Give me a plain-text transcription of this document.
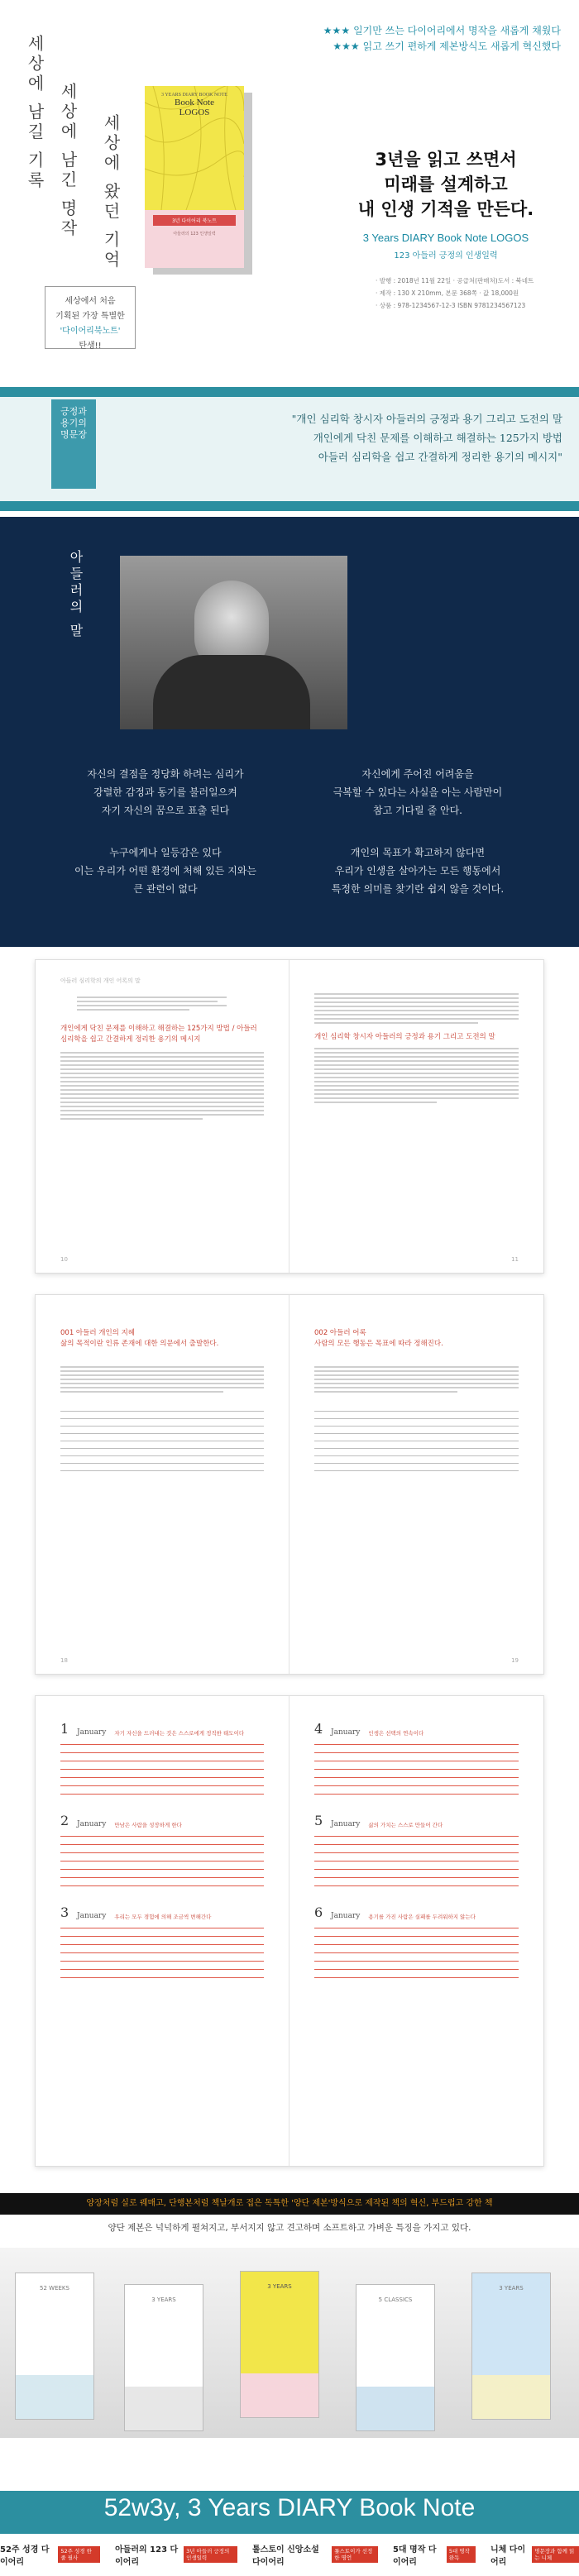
세상에 남길 기록
세상에 왔던 기억
세상에 남긴 명작
★★★ 일기만 쓰는 다이어리에서 명작을 새롭게 채웠다
★★★ 읽고 쓰기 편하게 제본방식도 새롭게 혁신했다
3 YEARS DIARY BOOK NOTE
Book Note
LOGOS
3년 다이어리 북노트
아들러의 123 인생일력
3년을 읽고 쓰면서
미래를 설계하고
내 인생 기적을 만든다.
3 Years DIARY Book Note LOGOS
123 아들러 긍정의 인생일력
· 발행 : 2018년 11월 22일 · 공급처(판매처)도서 : 북네트
· 제작 : 130 X 210mm, 본문 368쪽 · 값 18,000원
· 상품 : 978-1234567-12-3 ISBN 9781234567123
세상에서 처음
기획된 가장 특별한
'다이어리북노트'
탄생!!
긍정과
용기의
명문장
"개인 심리학 창시자 아들러의 긍정과 용기 그리고 도전의 말
개인에게 닥친 문제를 이해하고 해결하는 125가지 방법
아들러 심리학을 쉽고 간결하게 정리한 용기의 메시지"
아들러의 말
자신의 결점을 정당화 하려는 심리가
강렬한 감정과 동기를 불러일으켜
자기 자신의 꿈으로 표출 된다
자신에게 주어진 어려움을
극복할 수 있다는 사실을 아는 사람만이
참고 기다릴 줄 안다.
누구에게나 일등감은 있다
이는 우리가 어떤 환경에 처해 있든 지와는
큰 관련이 없다
개인의 목표가 확고하지 않다면
우리가 인생을 살아가는 모든 행동에서
특정한 의미를 찾기란 쉽지 않을 것이다.
아들러 심리학의 개인 어록의 말
개인에게 닥친 문제를 이해하고 해결하는 125가지 방법 / 아들러 심리학을 쉽고 간결하게 정리한 용기의 메시지
10
개인 심리학 창시자 아들러의 긍정과 용기 그리고 도전의 말
11
001 아들러 개인의 지혜
삶의 목적이란 인류 존재에 대한 의문에서 출발한다.
18
002 아들러 어록
사람의 모든 행동은 목표에 따라 정해진다.
19
1	January 자기 자신을 드러내는 것은 스스로에게 정직한 태도이다
2	January 만남은 사람을 성장하게 한다
3	January 우리는 모두 경험에 의해 조금씩 변해간다
4	January 인생은 선택의 연속이다
5	January 삶의 가치는 스스로 만들어 간다
6	January 용기를 가진 사람은 실패를 두려워하지 않는다
양장처럼 실로 꿰매고, 단행본처럼 책날개로 접은 독특한 '양단 제본'방식으로 제작된 책의 혁신, 부드럽고 강한 책
양단 제본은 넉넉하게 펼쳐지고, 부서지지 않고 견고하며 소프트하고 가벼운 특징을 가지고 있다.
52 WEEKS
3 YEARS
3 YEARS
5 CLASSICS
3 YEARS
52w3y, 3 Years DIARY Book Note
52주 성경 다이어리
52주 성경 한 줄 필사
아들러의 123 다이어리
3년 아들러 긍정의 인생일력
톨스토이 신앙소설 다이어리
톨스토이가 선정한 명언
5대 명작 다이어리
5대 명작 완독
니체 다이어리
명문장과 함께 읽는 니체
